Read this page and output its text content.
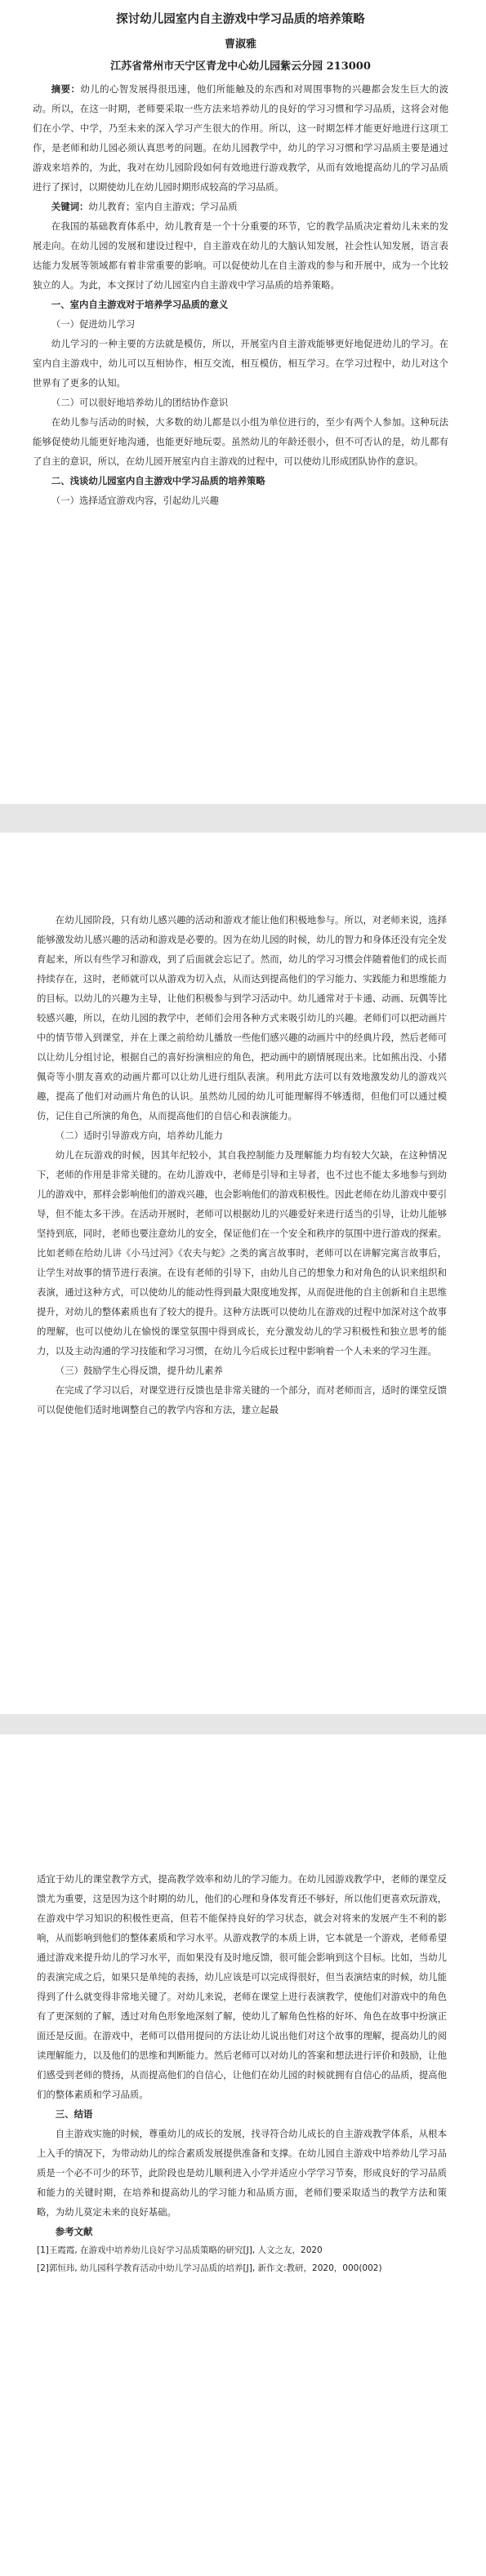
探讨幼儿园室内自主游戏中学习品质的培养策略
曹淑雅
江苏省常州市天宁区青龙中心幼儿园紫云分园 213000

摘要：幼儿的心智发展得很迅速，他们所能触及的东西和对周围事物的兴趣都会发生巨大的波动。所以，在这一时期，老师要采取一些方法来培养幼儿的良好的学习习惯和学习品质，这将会对他们在小学、中学，乃至未来的深入学习产生很大的作用。所以，这一时期怎样才能更好地进行这项工作，是老师和幼儿园必须认真思考的问题。在幼儿园教学中，幼儿的学习习惯和学习品质主要是通过游戏来培养的，为此，我对在幼儿园阶段如何有效地进行游戏教学，从而有效地提高幼儿的学习品质进行了探讨，以期使幼儿在幼儿园时期形成较高的学习品质。

关键词：幼儿教育；室内自主游戏；学习品质

在我国的基础教育体系中，幼儿教育是一个十分重要的环节，它的教学品质决定着幼儿未来的发展走向。在幼儿园的发展和建设过程中，自主游戏在幼儿的大脑认知发展，社会性认知发展，语言表达能力发展等领域都有着非常重要的影响。可以促使幼儿在自主游戏的参与和开展中，成为一个比较独立的人。为此，本文探讨了幼儿园室内自主游戏中学习品质的培养策略。

一、室内自主游戏对于培养学习品质的意义

（一）促进幼儿学习

幼儿学习的一种主要的方法就是模仿，所以，开展室内自主游戏能够更好地促进幼儿的学习。在室内自主游戏中，幼儿可以互相协作，相互交流，相互模仿，相互学习。在学习过程中，幼儿对这个世界有了更多的认知。

（二）可以很好地培养幼儿的团结协作意识

在幼儿参与活动的时候，大多数的幼儿都是以小组为单位进行的，至少有两个人参加。这种玩法能够促使幼儿能更好地沟通，也能更好地玩耍。虽然幼儿的年龄还很小，但不可否认的是，幼儿都有了自主的意识，所以，在幼儿园开展室内自主游戏的过程中，可以使幼儿形成团队协作的意识。

二、浅谈幼儿园室内自主游戏中学习品质的培养策略

（一）选择适宜游戏内容，引起幼儿兴趣

在幼儿园阶段，只有幼儿感兴趣的活动和游戏才能让他们积极地参与。所以，对老师来说，选择能够激发幼儿感兴趣的活动和游戏是必要的。因为在幼儿园的时候，幼儿的智力和身体还没有完全发育起来，所以有些学习和游戏，到了后面就会忘记了。然而，幼儿的学习习惯会伴随着他们的成长而持续存在，这时，老师就可以从游戏为切入点，从而达到提高他们的学习能力、实践能力和思维能力的目标。以幼儿的兴趣为主导，让他们积极参与到学习活动中。幼儿通常对于卡通、动画、玩偶等比较感兴趣，所以，在幼儿园的教学中，老师们会用各种方式来吸引幼儿的兴趣。老师们可以把动画片中的情节带入到课堂，并在上课之前给幼儿播放一些他们感兴趣的动画片中的经典片段，然后老师可以让幼儿分组讨论，根据自己的喜好扮演相应的角色，把动画中的剧情展现出来。比如熊出没、小猪佩奇等小朋友喜欢的动画片都可以让幼儿进行组队表演。利用此方法可以有效地激发幼儿的游戏兴趣，提高了他们对动画片角色的认识。虽然幼儿园的幼儿可能理解得不够透彻，但他们可以通过模仿，记住自己所演的角色，从而提高他们的自信心和表演能力。

（二）适时引导游戏方向，培养幼儿能力

幼儿在玩游戏的时候，因其年纪较小，其自我控制能力及理解能力均有较大欠缺，在这种情况下，老师的作用是非常关键的。在幼儿游戏中，老师是引导和主导者，也不过也不能太多地参与到幼儿的游戏中，那样会影响他们的游戏兴趣，也会影响他们的游戏积极性。因此老师在幼儿游戏中要引导，但不能太多干涉。在活动开展时，老师可以根据幼儿的兴趣爱好来进行适当的引导，让幼儿能够坚持到底，同时，老师也要注意幼儿的安全，保证他们在一个安全和秩序的氛围中进行游戏的探索。比如老师在给幼儿讲《小马过河》《农夫与蛇》之类的寓言故事时，老师可以在讲解完寓言故事后，让学生对故事的情节进行表演。在设有老师的引导下，由幼儿自己的想象力和对角色的认识来组织和表演，通过这种方式，可以使幼儿的能动性得到最大限度地发挥，从而促进他的自主创新和自主思维提升，对幼儿的整体素质也有了较大的提升。这种方法既可以使幼儿在游戏的过程中加深对这个故事的理解，也可以使幼儿在愉悦的课堂氛围中得到成长，充分激发幼儿的学习积极性和独立思考的能力，以及主动沟通的学习技能和学习习惯，在幼儿今后成长过程中影响着一个人未来的学习生涯。

（三）鼓励学生心得反馈，提升幼儿素养

在完成了学习以后，对课堂进行反馈也是非常关键的一个部分，而对老师而言，适时的课堂反馈可以促使他们适时地调整自己的教学内容和方法，建立起最

适宜于幼儿的课堂教学方式，提高教学效率和幼儿的学习能力。在幼儿园游戏教学中，老师的课堂反馈尤为重要，这是因为这个时期的幼儿，他们的心理和身体发育还不够好，所以他们更喜欢玩游戏，在游戏中学习知识的积极性更高，但若不能保持良好的学习状态，就会对将来的发展产生不利的影响，从而影响到他们的整体素质和学习水平。从游戏教学的本质上讲，它本就是一个游戏，老师希望通过游戏来提升幼儿的学习水平，而如果没有及时地反馈，很可能会影响到这个目标。比如，当幼儿的表演完成之后，如果只是单纯的表扬，幼儿应该是可以完成得很好，但当表演结束的时候，幼儿能得到了什么就变得非常地关键了。对幼儿来说，老师在课堂上进行表演教学，使他们对游戏中的角色有了更深刻的了解，透过对角色形象地深刻了解，使幼儿了解角色性格的好坏、角色在故事中扮演正面还是反面。在游戏中，老师可以借用提问的方法让幼儿说出他们对这个故事的理解，提高幼儿的阅读理解能力，以及他们的思维和判断能力。然后老师可以对幼儿的答案和想法进行评价和鼓励，让他们感受到老师的赞扬，从而提高他们的自信心，让他们在幼儿园的时候就拥有自信心的品质，提高他们的整体素质和学习品质。

三、结语

自主游戏实施的时候，尊重幼儿的成长的发展，找寻符合幼儿成长的自主游戏教学体系，从根本上入手的情况下，为带动幼儿的综合素质发展提供准备和支撑。在幼儿园自主游戏中培养幼儿学习品质是一个必不可少的环节，此阶段也是幼儿顺利进入小学并适应小学学习节奏，形成良好的学习品质和能力的关键时期，在培养和提高幼儿的学习能力和品质方面，老师们要采取适当的教学方法和策略，为幼儿莫定未来的良好基础。

参考文献

[1]王霞霞, 在游戏中培养幼儿良好学习品质策略的研究[J], 人文之友，2020

[2]郭恒玮, 幼儿园科学教育活动中幼儿学习品质的培养[J], 新作文:教研，2020，000(002)
